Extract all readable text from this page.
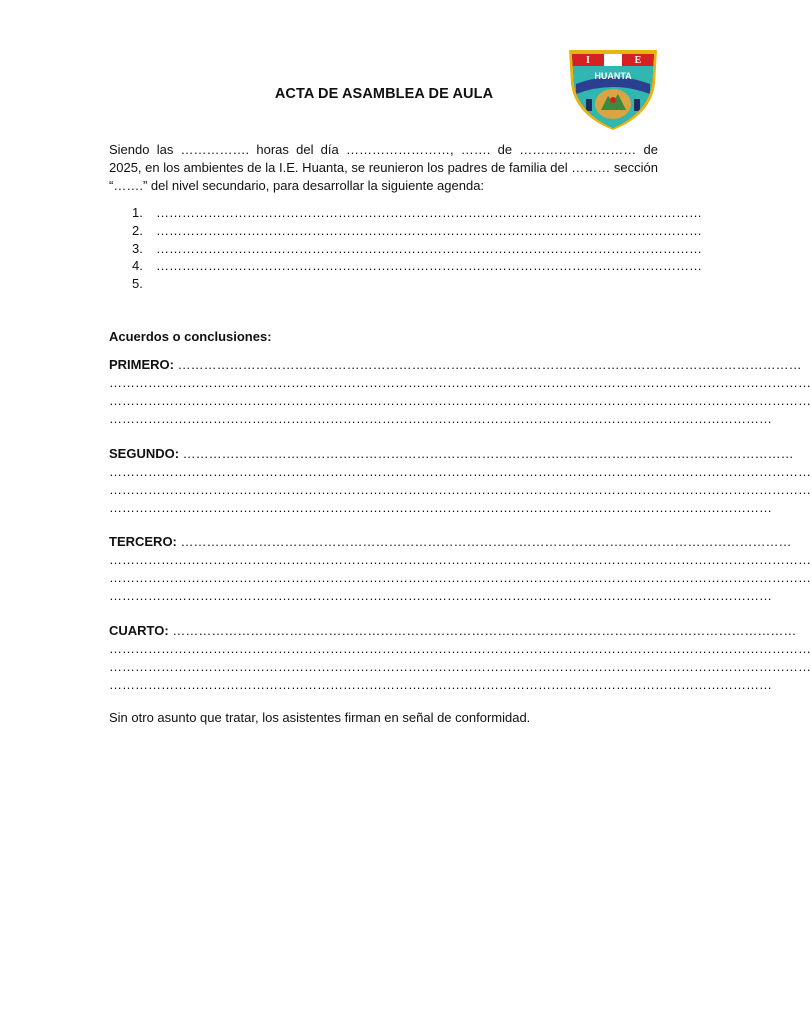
I	E
HUANTA
ACTA DE ASAMBLEA DE AULA

Siendo las ……………. horas del día ……………………, ……. de ……………………… de 2025, en los ambientes de la I.E. Huanta, se reunieron los padres de familia del ……… sección “…….” del nivel secundario, para desarrollar la siguiente agenda:

1. ………………………………………………………………………………………………………………
2. ………………………………………………………………………………………………………………
3. ………………………………………………………………………………………………………………
4. ………………………………………………………………………………………………………………
5.
Acuerdos o conclusiones:
PRIMERO: ………………………………………………………………………………………………………………………………
………………………………………………………………………………………………………………………………………………
………………………………………………………………………………………………………………………………………………
………………………………………………………………………………………………………………………………………
SEGUNDO: ……………………………………………………………………………………………………………………………
………………………………………………………………………………………………………………………………………………
………………………………………………………………………………………………………………………………………………
………………………………………………………………………………………………………………………………………
TERCERO: ……………………………………………………………………………………………………………………………
………………………………………………………………………………………………………………………………………………
………………………………………………………………………………………………………………………………………………
………………………………………………………………………………………………………………………………………
CUARTO: ………………………………………………………………………………………………………………………………
………………………………………………………………………………………………………………………………………………
………………………………………………………………………………………………………………………………………………
………………………………………………………………………………………………………………………………………

Sin otro asunto que tratar, los asistentes firman en señal de conformidad.
